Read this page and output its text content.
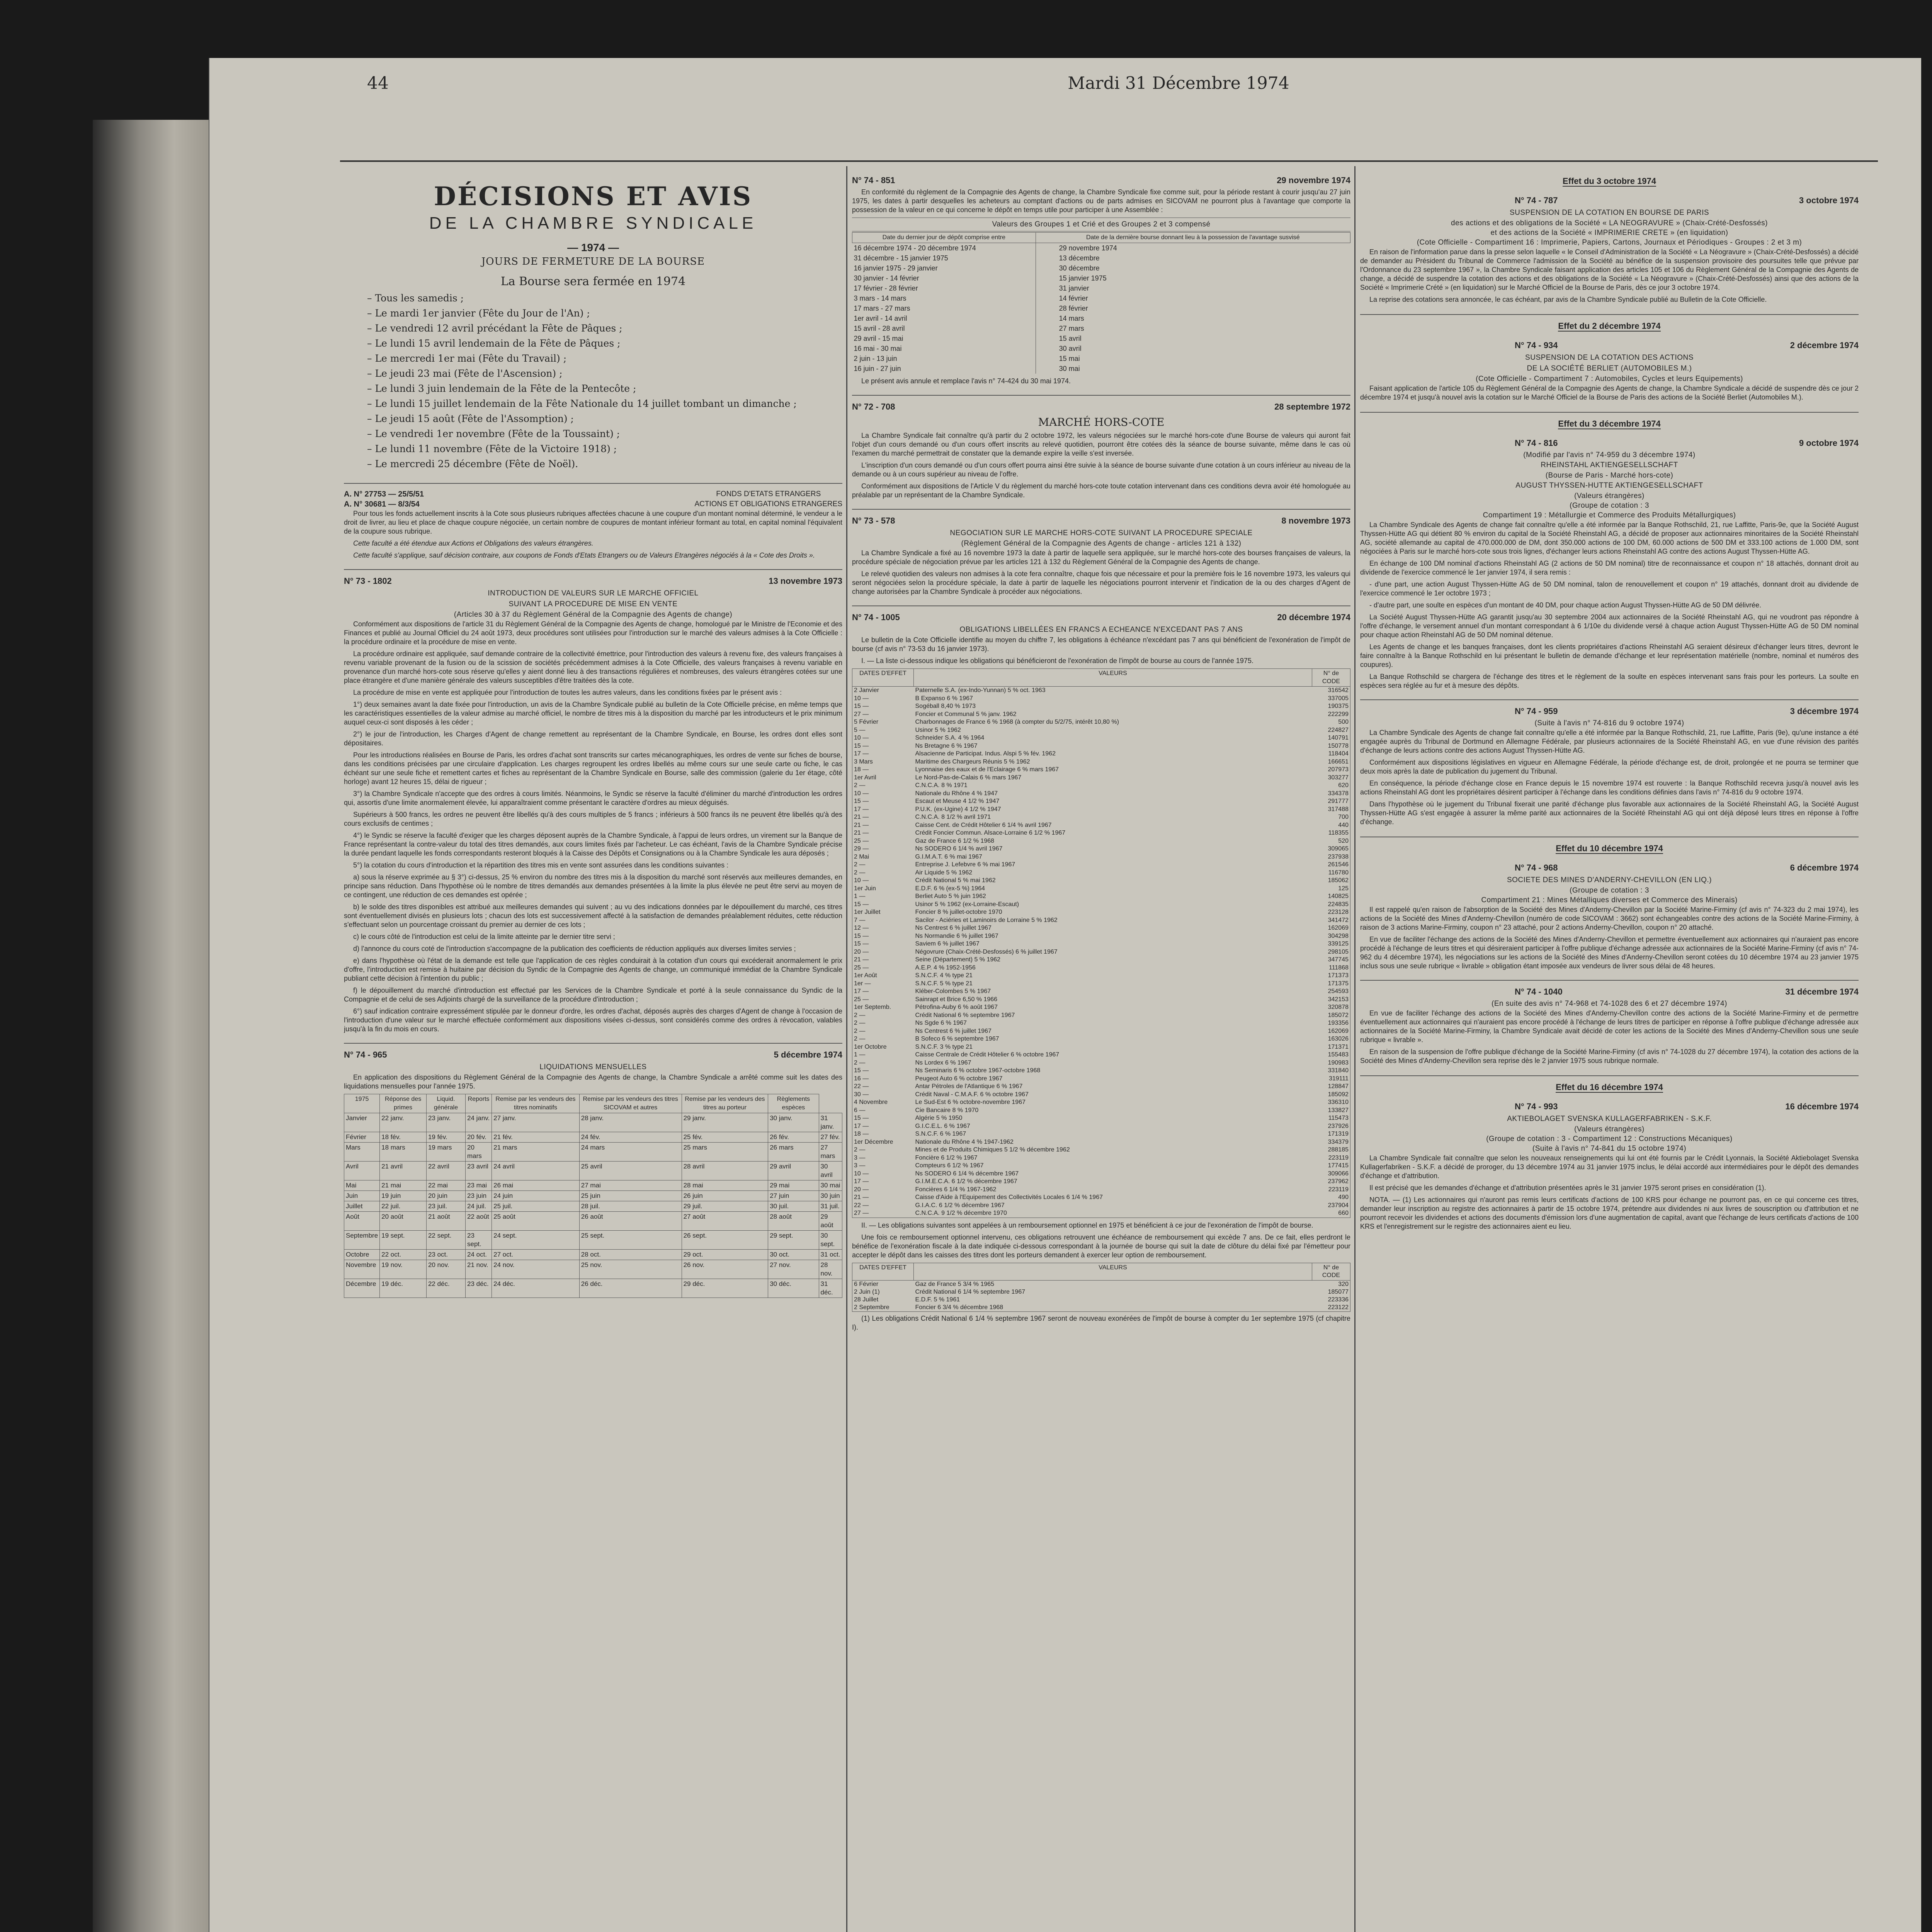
44	Mardi 31 Décembre 1974
DÉCISIONS ET AVIS
DE LA CHAMBRE SYNDICALE
— 1974 —
JOURS DE FERMETURE DE LA BOURSE
La Bourse sera fermée en 1974
– Tous les samedis ;
– Le mardi 1er janvier (Fête du Jour de l'An) ;
– Le vendredi 12 avril précédant la Fête de Pâques ;
– Le lundi 15 avril lendemain de la Fête de Pâques ;
– Le mercredi 1er mai (Fête du Travail) ;
– Le jeudi 23 mai (Fête de l'Ascension) ;
– Le lundi 3 juin lendemain de la Fête de la Pentecôte ;
– Le lundi 15 juillet lendemain de la Fête Nationale du 14 juillet tombant un dimanche ;
– Le jeudi 15 août (Fête de l'Assomption) ;
– Le vendredi 1er novembre (Fête de la Toussaint) ;
– Le lundi 11 novembre (Fête de la Victoire 1918) ;
– Le mercredi 25 décembre (Fête de Noël).
A. N° 27753 — 25/5/51
A. N° 30681 — 8/3/54
FONDS D'ETATS ETRANGERS
ACTIONS ET OBLIGATIONS ETRANGERES

Pour tous les fonds actuellement inscrits à la Cote sous plusieurs rubriques affectées chacune à une coupure d'un montant nominal déterminé, le vendeur a le droit de livrer, au lieu et place de chaque coupure négociée, un certain nombre de coupures de montant inférieur formant au total, en capital nominal l'équivalent de la coupure sous rubrique.

Cette faculté a été étendue aux Actions et Obligations des valeurs étrangères.

Cette faculté s'applique, sauf décision contraire, aux coupons de Fonds d'Etats Etrangers ou de Valeurs Etrangères négociés à la « Cote des Droits ».

N° 73 - 1802	13 novembre 1973
INTRODUCTION DE VALEURS SUR LE MARCHE OFFICIEL
SUIVANT LA PROCEDURE DE MISE EN VENTE
(Articles 30 à 37 du Règlement Général de la Compagnie des Agents de change)

Conformément aux dispositions de l'article 31 du Règlement Général de la Compagnie des Agents de change, homologué par le Ministre de l'Economie et des Finances et publié au Journal Officiel du 24 août 1973, deux procédures sont utilisées pour l'introduction sur le marché des valeurs admises à la Cote Officielle : la procédure ordinaire et la procédure de mise en vente.

La procédure ordinaire est appliquée, sauf demande contraire de la collectivité émettrice, pour l'introduction des valeurs à revenu fixe, des valeurs françaises à revenu variable provenant de la fusion ou de la scission de sociétés précédemment admises à la Cote Officielle, des valeurs françaises à revenu variable en provenance d'un marché hors-cote sous réserve qu'elles y aient donné lieu à des transactions régulières et nombreuses, des valeurs étrangères cotées sur une place étrangère et d'une manière générale des valeurs susceptibles d'être traitées dès la cote.

La procédure de mise en vente est appliquée pour l'introduction de toutes les autres valeurs, dans les conditions fixées par le présent avis :

1°) deux semaines avant la date fixée pour l'introduction, un avis de la Chambre Syndicale publié au bulletin de la Cote Officielle précise, en même temps que les caractéristiques essentielles de la valeur admise au marché officiel, le nombre de titres mis à la disposition du marché par les introducteurs et le prix minimum auquel ceux-ci sont disposés à les céder ;

2°) le jour de l'introduction, les Charges d'Agent de change remettent au représentant de la Chambre Syndicale, en Bourse, les ordres dont elles sont dépositaires.

Pour les introductions réalisées en Bourse de Paris, les ordres d'achat sont transcrits sur cartes mécanographiques, les ordres de vente sur fiches de bourse, dans les conditions précisées par une circulaire d'application. Les charges regroupent les ordres libellés au même cours sur une seule carte ou fiche, le cas échéant sur une seule fiche et remettent cartes et fiches au représentant de la Chambre Syndicale en Bourse, salle des commission (galerie du 1er étage, côté horloge) avant 12 heures 15, délai de rigueur ;

3°) la Chambre Syndicale n'accepte que des ordres à cours limités. Néanmoins, le Syndic se réserve la faculté d'éliminer du marché d'introduction les ordres qui, assortis d'une limite anormalement élevée, lui apparaîtraient comme présentant le caractère d'ordres au mieux déguisés.

Supérieurs à 500 francs, les ordres ne peuvent être libellés qu'à des cours multiples de 5 francs ; inférieurs à 500 francs ils ne peuvent être libellés qu'à des cours exclusifs de centimes ;

4°) le Syndic se réserve la faculté d'exiger que les charges déposent auprès de la Chambre Syndicale, à l'appui de leurs ordres, un virement sur la Banque de France représentant la contre-valeur du total des titres demandés, aux cours limites fixés par l'acheteur. Le cas échéant, l'avis de la Chambre Syndicale précise la durée pendant laquelle les fonds correspondants resteront bloqués à la Caisse des Dépôts et Consignations ou à la Chambre Syndicale les aura déposés ;

5°) la cotation du cours d'introduction et la répartition des titres mis en vente sont assurées dans les conditions suivantes :

a) sous la réserve exprimée au § 3°) ci-dessus, 25 % environ du nombre des titres mis à la disposition du marché sont réservés aux meilleures demandes, en principe sans réduction. Dans l'hypothèse où le nombre de titres demandés aux demandes présentées à la limite la plus élevée ne peut être servi au moyen de ce contingent, une réduction de ces demandes est opérée ;

b) le solde des titres disponibles est attribué aux meilleures demandes qui suivent ; au vu des indications données par le dépouillement du marché, ces titres sont éventuellement divisés en plusieurs lots ; chacun des lots est successivement affecté à la satisfaction de demandes préalablement réduites, cette réduction s'effectuant selon un pourcentage croissant du premier au dernier de ces lots ;

c) le cours côté de l'introduction est celui de la limite atteinte par le dernier titre servi ;

d) l'annonce du cours coté de l'introduction s'accompagne de la publication des coefficients de réduction appliqués aux diverses limites servies ;

e) dans l'hypothèse où l'état de la demande est telle que l'application de ces règles conduirait à la cotation d'un cours qui excéderait anormalement le prix d'offre, l'introduction est remise à huitaine par décision du Syndic de la Compagnie des Agents de change, un communiqué immédiat de la Chambre Syndicale publiant cette décision à l'intention du public ;

f) le dépouillement du marché d'introduction est effectué par les Services de la Chambre Syndicale et porté à la seule connaissance du Syndic de la Compagnie et de celui de ses Adjoints chargé de la surveillance de la procédure d'introduction ;

6°) sauf indication contraire expressément stipulée par le donneur d'ordre, les ordres d'achat, déposés auprès des charges d'Agent de change à l'occasion de l'introduction d'une valeur sur le marché effectuée conformément aux dispositions visées ci-dessus, sont considérés comme des ordres à révocation, valables jusqu'à la fin du mois en cours.

N° 74 - 965	5 décembre 1974
LIQUIDATIONS MENSUELLES

En application des dispositions du Règlement Général de la Compagnie des Agents de change, la Chambre Syndicale a arrêté comme suit les dates des liquidations mensuelles pour l'année 1975.

1975	Réponse des primes	Liquid. générale	Reports	Remise par les vendeurs des titres nominatifs	Remise par les vendeurs des titres SICOVAM et autres	Remise par les vendeurs des titres au porteur	Règlements espèces	
Janvier	22 janv.	23 janv.	24 janv.	27 janv.	28 janv.	29 janv.	30 janv.	31 janv.
Février	18 fév.	19 fév.	20 fév.	21 fév.	24 fév.	25 fév.	26 fév.	27 fév.
Mars	18 mars	19 mars	20 mars	21 mars	24 mars	25 mars	26 mars	27 mars
Avril	21 avril	22 avril	23 avril	24 avril	25 avril	28 avril	29 avril	30 avril
Mai	21 mai	22 mai	23 mai	26 mai	27 mai	28 mai	29 mai	30 mai
Juin	19 juin	20 juin	23 juin	24 juin	25 juin	26 juin	27 juin	30 juin
Juillet	22 juil.	23 juil.	24 juil.	25 juil.	28 juil.	29 juil.	30 juil.	31 juil.
Août	20 août	21 août	22 août	25 août	26 août	27 août	28 août	29 août
Septembre	19 sept.	22 sept.	23 sept.	24 sept.	25 sept.	26 sept.	29 sept.	30 sept.
Octobre	22 oct.	23 oct.	24 oct.	27 oct.	28 oct.	29 oct.	30 oct.	31 oct.
Novembre	19 nov.	20 nov.	21 nov.	24 nov.	25 nov.	26 nov.	27 nov.	28 nov.
Décembre	19 déc.	22 déc.	23 déc.	24 déc.	26 déc.	29 déc.	30 déc.	31 déc.
N° 74 - 851	29 novembre 1974

En conformité du règlement de la Compagnie des Agents de change, la Chambre Syndicale fixe comme suit, pour la période restant à courir jusqu'au 27 juin 1975, les dates à partir desquelles les acheteurs au comptant d'actions ou de parts admises en SICOVAM ne pourront plus à l'avantage que comporte la possession de la valeur en ce qui concerne le dépôt en temps utile pour participer à une Assemblée :

Valeurs des Groupes 1 et Crié et des Groupes 2 et 3 compensé
Date du dernier jour de dépôt comprise entre	Date de la dernière bourse donnant lieu à la possession de l'avantage susvisé
16 décembre 1974 - 20 décembre 1974	29 novembre 1974
31 décembre - 15 janvier 1975	13 décembre
16 janvier 1975 - 29 janvier	30 décembre
30 janvier - 14 février	15 janvier 1975
17 février - 28 février	31 janvier
3 mars - 14 mars	14 février
17 mars - 27 mars	28 février
1er avril - 14 avril	14 mars
15 avril - 28 avril	27 mars
29 avril - 15 mai	15 avril
16 mai - 30 mai	30 avril
2 juin - 13 juin	15 mai
16 juin - 27 juin	30 mai

Le présent avis annule et remplace l'avis n° 74-424 du 30 mai 1974.

N° 72 - 708	28 septembre 1972
MARCHÉ HORS-COTE

La Chambre Syndicale fait connaître qu'à partir du 2 octobre 1972, les valeurs négociées sur le marché hors-cote d'une Bourse de valeurs qui auront fait l'objet d'un cours demandé ou d'un cours offert inscrits au relevé quotidien, pourront être cotées dès la séance de bourse suivante, même dans le cas où l'examen du marché permettrait de constater que la demande expire la veille s'est inversée.

L'inscription d'un cours demandé ou d'un cours offert pourra ainsi être suivie à la séance de bourse suivante d'une cotation à un cours inférieur au niveau de la demande ou à un cours supérieur au niveau de l'offre.

Conformément aux dispositions de l'Article V du règlement du marché hors-cote toute cotation intervenant dans ces conditions devra avoir été homologuée au préalable par un représentant de la Chambre Syndicale.

N° 73 - 578	8 novembre 1973
NEGOCIATION SUR LE MARCHE HORS-COTE SUIVANT LA PROCEDURE SPECIALE
(Règlement Général de la Compagnie des Agents de change - articles 121 à 132)

La Chambre Syndicale a fixé au 16 novembre 1973 la date à partir de laquelle sera appliquée, sur le marché hors-cote des bourses françaises de valeurs, la procédure spéciale de négociation prévue par les articles 121 à 132 du Règlement Général de la Compagnie des Agents de change.

Le relevé quotidien des valeurs non admises à la cote fera connaître, chaque fois que nécessaire et pour la première fois le 16 novembre 1973, les valeurs qui seront négociées selon la procédure spéciale, la date à partir de laquelle les négociations pourront intervenir et l'indication de la ou des charges d'Agent de change autorisées par la Chambre Syndicale à procéder aux négociations.

N° 74 - 1005	20 décembre 1974
OBLIGATIONS LIBELLÉES EN FRANCS A ECHEANCE N'EXCEDANT PAS 7 ANS

Le bulletin de la Cote Officielle identifie au moyen du chiffre 7, les obligations à échéance n'excédant pas 7 ans qui bénéficient de l'exonération de l'impôt de bourse (cf avis n° 73-53 du 16 janvier 1973).

I. — La liste ci-dessous indique les obligations qui bénéficieront de l'exonération de l'impôt de bourse au cours de l'année 1975.

DATES D'EFFET	VALEURS	N° de CODE
2 Janvier	Paternelle S.A. (ex-Indo-Yunnan) 5 % oct. 1963	316542
10 —	B Expanso 6 % 1967	337005
15 —	Sogéball 8,40 % 1973	190375
27 —	Foncier et Communal 5 % janv. 1962	222299
5 Février	Charbonnages de France 6 % 1968 (à compter du 5/2/75, intérêt 10,80 %)	500
5 —	Usinor 5 % 1962	224827
10 —	Schneider S.A. 4 % 1964	140791
15 —	Ns Bretagne 6 % 1967	150778
17 —	Alsacienne de Participat. Indus. Alspi 5 % fév. 1962	118404
3 Mars	Maritime des Chargeurs Réunis 5 % 1962	166651
18 —	Lyonnaise des eaux et de l'Eclairage 6 % mars 1967	207973
1er Avril	Le Nord-Pas-de-Calais 6 % mars 1967	303277
2 —	C.N.C.A. 8 % 1971	620
10 —	Nationale du Rhône 4 % 1947	334378
15 —	Escaut et Meuse 4 1/2 % 1947	291777
17 —	P.U.K. (ex-Ugine) 4 1/2 % 1947	317488
21 —	C.N.C.A. 8 1/2 % avril 1971	700
21 —	Caisse Cent. de Crédit Hôtelier 6 1/4 % avril 1967	440
21 —	Crédit Foncier Commun. Alsace-Lorraine 6 1/2 % 1967	118355
25 —	Gaz de France 6 1/2 % 1968	520
29 —	Ns SODERO 6 1/4 % avril 1967	309065
2 Mai	G.I.M.A.T. 6 % mai 1967	237938
2 —	Entreprise J. Lefebvre 6 % mai 1967	261546
2 —	Air Liquide 5 % 1962	116780
10 —	Crédit National 5 % mai 1962	185062
1er Juin	E.D.F. 6 % (ex-5 %) 1964	125
1 —	Berliet Auto 5 % juin 1962	140825
15 —	Usinor 5 % 1962 (ex-Lorraine-Escaut)	224835
1er Juillet	Foncier 8 % juillet-octobre 1970	223128
7 —	Sacilor - Aciéries et Laminoirs de Lorraine 5 % 1962	341472
12 —	Ns Centrest 6 % juillet 1967	162069
15 —	Ns Normandie 6 % juillet 1967	304298
15 —	Saviem 6 % juillet 1967	339125
20 —	Négovrure (Chaix-Crété-Desfossés) 6 % juillet 1967	298105
21 —	Seine (Département) 5 % 1962	347745
25 —	A.E.P. 4 % 1952-1956	111868
1er Août	S.N.C.F. 4 % type 21	171373
1er —	S.N.C.F. 5 % type 21	171375
17 —	Kléber-Colombes 5 % 1967	254593
25 —	Sainrapt et Brice 6,50 % 1966	342153
1er Septemb.	Pétrofina-Auby 6 % août 1967	320878
2 —	Crédit National 6 % septembre 1967	185072
2 —	Ns Sgde 6 % 1967	193356
2 —	Ns Centrest 6 % juillet 1967	162069
2 —	B Sofeco 6 % septembre 1967	163026
1er Octobre	S.N.C.F. 3 % type 21	171371
1 —	Caisse Centrale de Crédit Hôtelier 6 % octobre 1967	155483
2 —	Ns Lordex 6 % 1967	190983
15 —	Ns Seminaris 6 % octobre 1967-octobre 1968	331840
16 —	Peugeot Auto 6 % octobre 1967	319111
22 —	Antar Pétroles de l'Atlantique 6 % 1967	128847
30 —	Crédit Naval - C.M.A.F. 6 % octobre 1967	185092
4 Novembre	Le Sud-Est 6 % octobre-novembre 1967	336310
6 —	Cie Bancaire 8 % 1970	133827
15 —	Algérie 5 % 1950	115473
17 —	G.I.C.E.L. 6 % 1967	237926
18 —	S.N.C.F. 6 % 1967	171319
1er Décembre	Nationale du Rhône 4 % 1947-1962	334379
2 —	Mines et de Produits Chimiques 5 1/2 % décembre 1962	288185
3 —	Foncière 6 1/2 % 1967	223119
3 —	Compteurs 6 1/2 % 1967	177415
10 —	Ns SODERO 6 1/4 % décembre 1967	309066
17 —	G.I.M.E.C.A. 6 1/2 % décembre 1967	237962
20 —	Foncières 6 1/4 % 1967-1962	223119
21 —	Caisse d'Aide à l'Equipement des Collectivités Locales 6 1/4 % 1967	490
22 —	G.I.A.C. 6 1/2 % décembre 1967	237904
27 —	C.N.C.A. 9 1/2 % décembre 1970	660

II. — Les obligations suivantes sont appelées à un remboursement optionnel en 1975 et bénéficient à ce jour de l'exonération de l'impôt de bourse.

Une fois ce remboursement optionnel intervenu, ces obligations retrouvent une échéance de remboursement qui excède 7 ans. De ce fait, elles perdront le bénéfice de l'exonération fiscale à la date indiquée ci-dessous correspondant à la journée de bourse qui suit la date de clôture du délai fixé par l'émetteur pour accepter le dépôt dans les caisses des titres dont les porteurs demandent à exercer leur option de remboursement.

DATES D'EFFET	VALEURS	N° de CODE
6 Février	Gaz de France 5 3/4 % 1965	320
2 Juin (1)	Crédit National 6 1/4 % septembre 1967	185077
28 Juillet	E.D.F. 5 % 1961	223336
2 Septembre	Foncier 6 3/4 % décembre 1968	223122

(1) Les obligations Crédit National 6 1/4 % septembre 1967 seront de nouveau exonérées de l'impôt de bourse à compter du 1er septembre 1975 (cf chapitre I).

Effet du 3 octobre 1974
N° 74 - 787	3 octobre 1974
SUSPENSION DE LA COTATION EN BOURSE DE PARIS
des actions et des obligations de la Société « LA NEOGRAVURE » (Chaix-Crété-Desfossés)
et des actions de la Société « IMPRIMERIE CRETE » (en liquidation)
(Cote Officielle - Compartiment 16 : Imprimerie, Papiers, Cartons, Journaux et Périodiques - Groupes : 2 et 3 m)

En raison de l'information parue dans la presse selon laquelle « le Conseil d'Administration de la Société « La Néogravure » (Chaix-Crété-Desfossés) a décidé de demander au Président du Tribunal de Commerce l'admission de la Société au bénéfice de la suspension provisoire des poursuites telle que prévue par l'Ordonnance du 23 septembre 1967 », la Chambre Syndicale faisant application des articles 105 et 106 du Règlement Général de la Compagnie des Agents de change, a décidé de suspendre la cotation des actions et des obligations de la Société « La Néogravure » (Chaix-Crété-Desfossés) ainsi que des actions de la Société « Imprimerie Crété » (en liquidation) sur le Marché Officiel de la Bourse de Paris, dès ce jour 3 octobre 1974.

La reprise des cotations sera annoncée, le cas échéant, par avis de la Chambre Syndicale publié au Bulletin de la Cote Officielle.

Effet du 2 décembre 1974
N° 74 - 934	2 décembre 1974
SUSPENSION DE LA COTATION DES ACTIONS
DE LA SOCIÉTÉ BERLIET (AUTOMOBILES M.)
(Cote Officielle - Compartiment 7 : Automobiles, Cycles et leurs Equipements)

Faisant application de l'article 105 du Règlement Général de la Compagnie des Agents de change, la Chambre Syndicale a décidé de suspendre dès ce jour 2 décembre 1974 et jusqu'à nouvel avis la cotation sur le Marché Officiel de la Bourse de Paris des actions de la Société Berliet (Automobiles M.).

Effet du 3 décembre 1974
N° 74 - 816	9 octobre 1974
(Modifié par l'avis n° 74-959 du 3 décembre 1974)
RHEINSTAHL AKTIENGESELLSCHAFT
(Bourse de Paris - Marché hors-cote)
AUGUST THYSSEN-HUTTE AKTIENGESELLSCHAFT
(Valeurs étrangères)
(Groupe de cotation : 3
Compartiment 19 : Métallurgie et Commerce des Produits Métallurgiques)

La Chambre Syndicale des Agents de change fait connaître qu'elle a été informée par la Banque Rothschild, 21, rue Laffitte, Paris-9e, que la Société August Thyssen-Hütte AG qui détient 80 % environ du capital de la Société Rheinstahl AG, a décidé de proposer aux actionnaires minoritaires de la Société Rheinstahl AG, société allemande au capital de 470.000.000 de DM, dont 350.000 actions de 100 DM, 60.000 actions de 500 DM et 333.100 actions de 1.000 DM, sont négociées à Paris sur le marché hors-cote sous trois lignes, d'échanger leurs actions Rheinstahl AG contre des actions August Thyssen-Hütte AG.

En échange de 100 DM nominal d'actions Rheinstahl AG (2 actions de 50 DM nominal) titre de reconnaissance et coupon n° 18 attachés, donnant droit au dividende de l'exercice commencé le 1er janvier 1974, il sera remis :

- d'une part, une action August Thyssen-Hütte AG de 50 DM nominal, talon de renouvellement et coupon n° 19 attachés, donnant droit au dividende de l'exercice commencé le 1er octobre 1973 ;

- d'autre part, une soulte en espèces d'un montant de 40 DM, pour chaque action August Thyssen-Hütte AG de 50 DM délivrée.

La Société August Thyssen-Hütte AG garantit jusqu'au 30 septembre 2004 aux actionnaires de la Société Rheinstahl AG, qui ne voudront pas répondre à l'offre d'échange, le versement annuel d'un montant correspondant à 6 1/10e du dividende versé à chaque action August Thyssen-Hütte AG de 50 DM nominal pour chaque action Rheinstahl AG de 50 DM nominal détenue.

Les Agents de change et les banques françaises, dont les clients propriétaires d'actions Rheinstahl AG seraient désireux d'échanger leurs titres, devront le faire connaître à la Banque Rothschild en lui présentant le bulletin de demande d'échange et leur représentation matérielle (nombre, nominal et numéros des coupures).

La Banque Rothschild se chargera de l'échange des titres et le règlement de la soulte en espèces intervenant sans frais pour les porteurs. La soulte en espèces sera réglée au fur et à mesure des dépôts.

N° 74 - 959	3 décembre 1974
(Suite à l'avis n° 74-816 du 9 octobre 1974)

La Chambre Syndicale des Agents de change fait connaître qu'elle a été informée par la Banque Rothschild, 21, rue Laffitte, Paris (9e), qu'une instance a été engagée auprès du Tribunal de Dortmund en Allemagne Fédérale, par plusieurs actionnaires de la Société Rheinstahl AG, en vue d'une révision des parités d'échange de leurs actions contre des actions August Thyssen-Hütte AG.

Conformément aux dispositions législatives en vigueur en Allemagne Fédérale, la période d'échange est, de droit, prolongée et ne pourra se terminer que deux mois après la date de publication du jugement du Tribunal.

En conséquence, la période d'échange close en France depuis le 15 novembre 1974 est rouverte : la Banque Rothschild recevra jusqu'à nouvel avis les actions Rheinstahl AG dont les propriétaires désirent participer à l'échange dans les conditions définies dans l'avis n° 74-816 du 9 octobre 1974.

Dans l'hypothèse où le jugement du Tribunal fixerait une parité d'échange plus favorable aux actionnaires de la Société Rheinstahl AG, la Société August Thyssen-Hütte AG s'est engagée à assurer la même parité aux actionnaires de la Société Rheinstahl AG qui ont déjà déposé leurs titres en réponse à l'offre d'échange.

Effet du 10 décembre 1974
N° 74 - 968	6 décembre 1974
SOCIETE DES MINES D'ANDERNY-CHEVILLON (EN LIQ.)
(Groupe de cotation : 3
Compartiment 21 : Mines Métalliques diverses et Commerce des Minerais)

Il est rappelé qu'en raison de l'absorption de la Société des Mines d'Anderny-Chevillon par la Société Marine-Firminy (cf avis n° 74-323 du 2 mai 1974), les actions de la Société des Mines d'Anderny-Chevillon (numéro de code SICOVAM : 3662) sont échangeables contre des actions de la Société Marine-Firminy, à raison de 3 actions Marine-Firminy, coupon n° 23 attaché, pour 2 actions Anderny-Chevillon, coupon n° 20 attaché.

En vue de faciliter l'échange des actions de la Société des Mines d'Anderny-Chevillon et permettre éventuellement aux actionnaires qui n'auraient pas encore procédé à l'échange de leurs titres et qui désireraient participer à l'offre publique d'échange adressée aux actionnaires de la Société Marine-Firminy (cf avis n° 74-962 du 4 décembre 1974), les négociations sur les actions de la Société des Mines d'Anderny-Chevillon seront cotées du 10 décembre 1974 au 23 janvier 1975 inclus sous une seule rubrique « livrable » obligation étant imposée aux vendeurs de livrer sous délai de 48 heures.

N° 74 - 1040	31 décembre 1974
(En suite des avis n° 74-968 et 74-1028 des 6 et 27 décembre 1974)

En vue de faciliter l'échange des actions de la Société des Mines d'Anderny-Chevillon contre des actions de la Société Marine-Firminy et de permettre éventuellement aux actionnaires qui n'auraient pas encore procédé à l'échange de leurs titres de participer en réponse à l'offre publique d'échange adressée aux actionnaires de la Société Marine-Firminy, la Chambre Syndicale avait décidé de coter les actions de la Société des Mines d'Anderny-Chevillon sous une seule rubrique « livrable ».

En raison de la suspension de l'offre publique d'échange de la Société Marine-Firminy (cf avis n° 74-1028 du 27 décembre 1974), la cotation des actions de la Société des Mines d'Anderny-Chevillon sera reprise dès le 2 janvier 1975 sous rubrique normale.

Effet du 16 décembre 1974
N° 74 - 993	16 décembre 1974
AKTIEBOLAGET SVENSKA KULLAGERFABRIKEN - S.K.F.
(Valeurs étrangères)
(Groupe de cotation : 3 - Compartiment 12 : Constructions Mécaniques)
(Suite à l'avis n° 74-841 du 15 octobre 1974)

La Chambre Syndicale fait connaître que selon les nouveaux renseignements qui lui ont été fournis par le Crédit Lyonnais, la Société Aktiebolaget Svenska Kullagerfabriken - S.K.F. a décidé de proroger, du 13 décembre 1974 au 31 janvier 1975 inclus, le délai accordé aux intermédiaires pour le dépôt des demandes d'échange et d'attribution.

Il est précisé que les demandes d'échange et d'attribution présentées après le 31 janvier 1975 seront prises en considération (1).

NOTA. — (1) Les actionnaires qui n'auront pas remis leurs certificats d'actions de 100 KRS pour échange ne pourront pas, en ce qui concerne ces titres, demander leur inscription au registre des actionnaires à partir de 15 octobre 1974, prétendre aux dividendes ni aux livres de souscription ou d'attribution et ne pourront recevoir les dividendes et actions des documents d'émission lors d'une augmentation de capital, avant que l'échange de leurs certificats d'actions de 100 KRS et l'enregistrement sur le registre des actionnaires aient eu lieu.
